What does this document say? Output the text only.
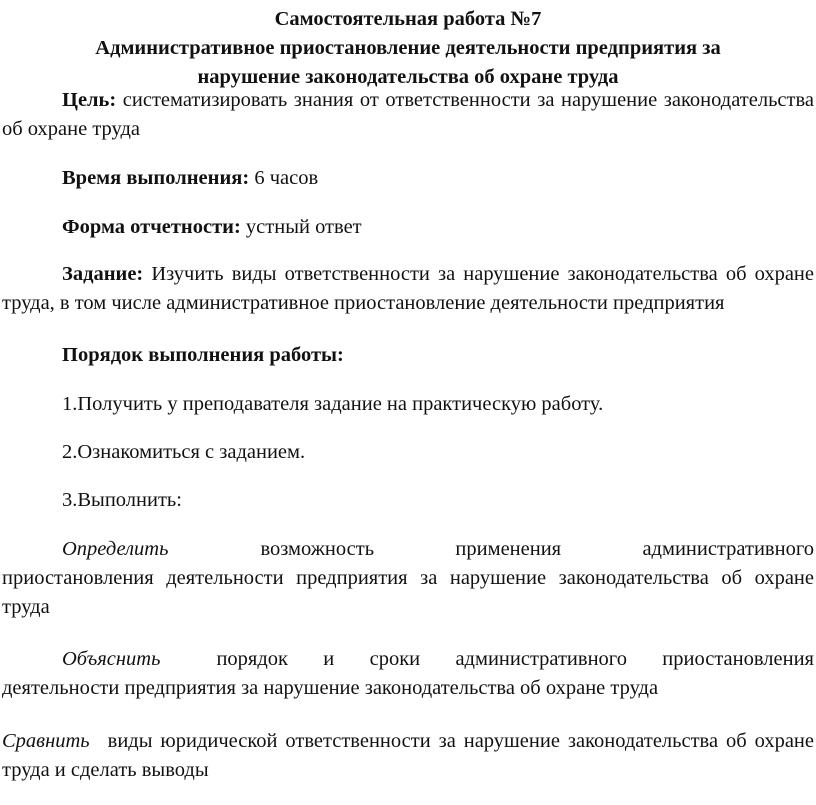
Самостоятельная работа №7
Административное приостановление деятельности предприятия за
нарушение законодательства об охране труда

Цель: систематизировать знания от ответственности за нарушение законодательства об охране труда

Время выполнения: 6 часов

Форма отчетности: устный ответ

Задание: Изучить виды ответственности за нарушение законодательства об охране труда, в том числе административное приостановление деятельности предприятия

Порядок выполнения работы:

1.Получить у преподавателя задание на практическую работу.

2.Ознакомиться с заданием.

3.Выполнить:

Определить	возможность	применения	административного
приостановления деятельности предприятия за нарушение законодательства об охране труда
Объяснить	порядок и сроки административного приостановления
деятельности предприятия за нарушение законодательства об охране труда

Сравнить виды юридической ответственности за нарушение законодательства об охране труда и сделать выводы
